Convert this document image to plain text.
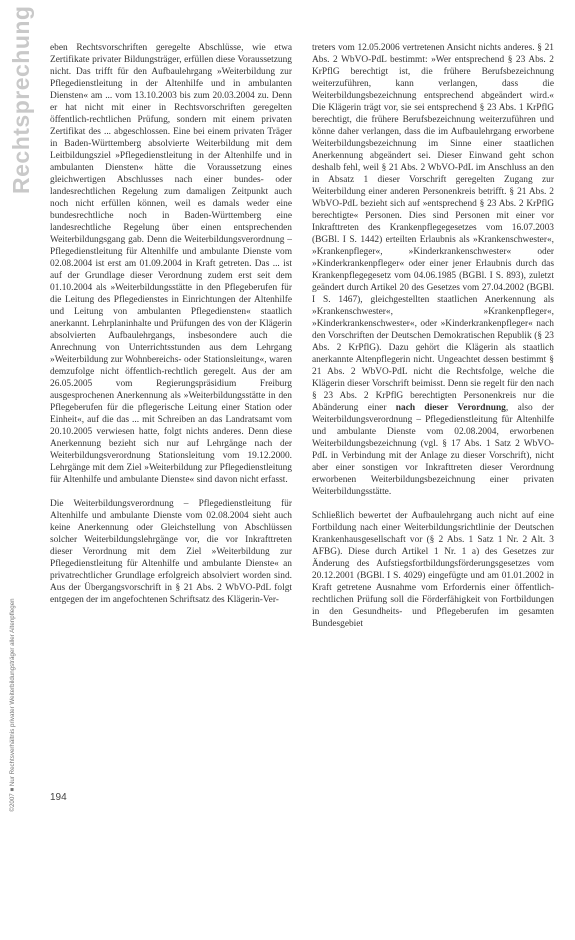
Rechtsprechung
©2007 ■ Nur Rechtsverhältnis privater Weiterbildungsträger aller Altenpflegen

eben Rechtsvorschriften geregelte Abschlüsse, wie etwa Zertifikate privater Bildungsträger, erfüllen diese Voraussetzung nicht. Das trifft für den Aufbaulehrgang »Weiterbildung zur Pflegedienstleitung in der Altenhilfe und in ambulanten Diensten« am ... vom 13.10.2003 bis zum 20.03.2004 zu. Denn er hat nicht mit einer in Rechtsvorschriften geregelten öffentlich-rechtlichen Prüfung, sondern mit einem privaten Zertifikat des ... abgeschlossen. Eine bei einem privaten Träger in Baden-Württemberg absolvierte Weiterbildung mit dem Leitbildungsziel »Pflegedienstleitung in der Altenhilfe und in ambulanten Diensten« hätte die Voraussetzung eines gleichwertigen Abschlusses nach einer bundes- oder landesrechtlichen Regelung zum damaligen Zeitpunkt auch noch nicht erfüllen können, weil es damals weder eine bundesrechtliche noch in Baden-Württemberg eine landesrechtliche Regelung über einen entsprechenden Weiterbildungsgang gab. Denn die Weiterbildungsverordnung – Pflegedienstleitung für Altenhilfe und ambulante Dienste vom 02.08.2004 ist erst am 01.09.2004 in Kraft getreten. Das ... ist auf der Grundlage dieser Verordnung zudem erst seit dem 01.10.2004 als »Weiterbildungsstätte in den Pflegeberufen für die Leitung des Pflegedienstes in Einrichtungen der Altenhilfe und Leitung von ambulanten Pflegediensten« staatlich anerkannt. Lehrplaninhalte und Prüfungen des von der Klägerin absolvierten Aufbaulehrgangs, insbesondere auch die Anrechnung von Unterrichtsstunden aus dem Lehrgang »Weiterbildung zur Wohnbereichs- oder Stationsleitung«, waren demzufolge nicht öffentlich-rechtlich geregelt. Aus der am 26.05.2005 vom Regierungspräsidium Freiburg ausgesprochenen Anerkennung als »Weiterbildungsstätte in den Pflegeberufen für die pflegerische Leitung einer Station oder Einheit«, auf die das ... mit Schreiben an das Landratsamt vom 20.10.2005 verwiesen hatte, folgt nichts anderes. Denn diese Anerkennung bezieht sich nur auf Lehrgänge nach der Weiterbildungsverordnung Stationsleitung vom 19.12.2000. Lehrgänge mit dem Ziel »Weiterbildung zur Pflegedienstleitung für Altenhilfe und ambulante Dienste« sind davon nicht erfasst.

Die Weiterbildungsverordnung – Pflegedienstleitung für Altenhilfe und ambulante Dienste vom 02.08.2004 sieht auch keine Anerkennung oder Gleichstellung von Abschlüssen solcher Weiterbildungslehrgänge vor, die vor Inkrafttreten dieser Verordnung mit dem Ziel »Weiterbildung zur Pflegedienstleitung für Altenhilfe und ambulante Dienste« an privatrechtlicher Grundlage erfolgreich absolviert worden sind. Aus der Übergangsvorschrift in § 21 Abs. 2 WbVO-PdL folgt entgegen der im angefochtenen Schriftsatz des Klägerin-Ver-

treters vom 12.05.2006 vertretenen Ansicht nichts anderes. § 21 Abs. 2 WbVO-PdL bestimmt: »Wer entsprechend § 23 Abs. 2 KrPflG berechtigt ist, die frühere Berufsbezeichnung weiterzuführen, kann verlangen, dass die Weiterbildungsbezeichnung entsprechend abgeändert wird.« Die Klägerin trägt vor, sie sei entsprechend § 23 Abs. 1 KrPflG berechtigt, die frühere Berufsbezeichnung weiterzuführen und könne daher verlangen, dass die im Aufbaulehrgang erworbene Weiterbildungsbezeichnung im Sinne einer staatlichen Anerkennung abgeändert sei. Dieser Einwand geht schon deshalb fehl, weil § 21 Abs. 2 WbVO-PdL im Anschluss an den in Absatz 1 dieser Vorschrift geregelten Zugang zur Weiterbildung einer anderen Personenkreis betrifft. § 21 Abs. 2 WbVO-PdL bezieht sich auf »entsprechend § 23 Abs. 2 KrPflG berechtigte« Personen. Dies sind Personen mit einer vor Inkrafttreten des Krankenpflegegesetzes vom 16.07.2003 (BGBl. I S. 1442) erteilten Erlaubnis als »Krankenschwester«, »Krankenpfleger«, »Kinderkrankenschwester« oder »Kinderkrankenpfleger« oder einer jener Erlaubnis durch das Krankenpflegegesetz vom 04.06.1985 (BGBl. I S. 893), zuletzt geändert durch Artikel 20 des Gesetzes vom 27.04.2002 (BGBl. I S. 1467), gleichgestellten staatlichen Anerkennung als »Krankenschwester«, »Krankenpfleger«, »Kinderkrankenschwester«, oder »Kinderkrankenpfleger« nach den Vorschriften der Deutschen Demokratischen Republik (§ 23 Abs. 2 KrPflG). Dazu gehört die Klägerin als staatlich anerkannte Altenpflegerin nicht. Ungeachtet dessen bestimmt § 21 Abs. 2 WbVO-PdL nicht die Rechtsfolge, welche die Klägerin dieser Vorschrift beimisst. Denn sie regelt für den nach § 23 Abs. 2 KrPflG berechtigten Personenkreis nur die Abänderung einer nach dieser Verordnung, also der Weiterbildungsverordnung – Pflegedienstleitung für Altenhilfe und ambulante Dienste vom 02.08.2004, erworbenen Weiterbildungsbezeichnung (vgl. § 17 Abs. 1 Satz 2 WbVO-PdL in Verbindung mit der Anlage zu dieser Vorschrift), nicht aber einer sonstigen vor Inkrafttreten dieser Verordnung erworbenen Weiterbildungsbezeichnung einer privaten Weiterbildungsstätte.

Schließlich bewertet der Aufbaulehrgang auch nicht auf eine Fortbildung nach einer Weiterbildungsrichtlinie der Deutschen Krankenhausgesellschaft vor (§ 2 Abs. 1 Satz 1 Nr. 2 Alt. 3 AFBG). Diese durch Artikel 1 Nr. 1 a) des Gesetzes zur Änderung des Aufstiegsfortbildungsförderungsgesetzes vom 20.12.2001 (BGBl. I S. 4029) eingefügte und am 01.01.2002 in Kraft getretene Ausnahme vom Erfordernis einer öffentlich-rechtlichen Prüfung soll die Förderfähigkeit von Fortbildungen in den Gesundheits- und Pflegeberufen im gesamten Bundesgebiet

194
